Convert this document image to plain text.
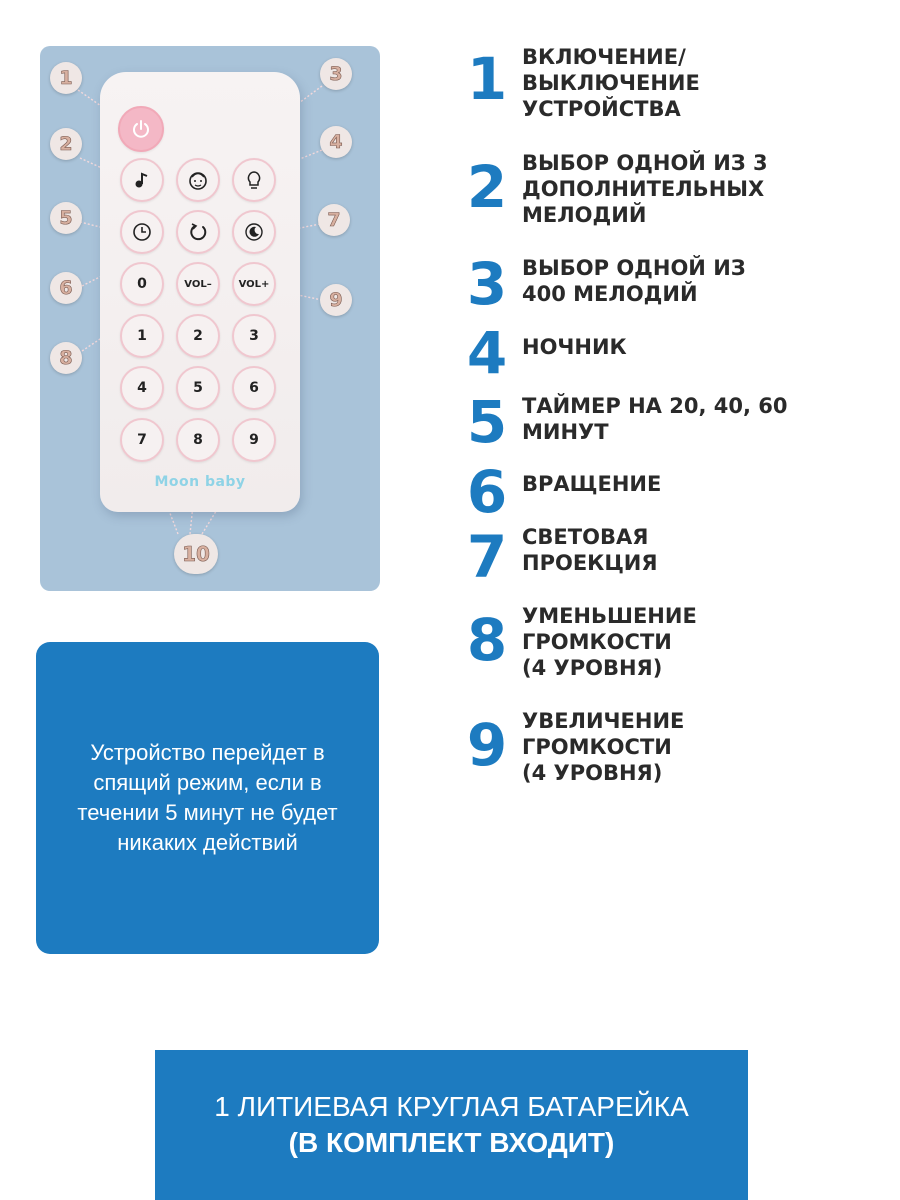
0	VOL–	VOL+
1	2	3
4	5	6
7	8	9
Moon baby
1
2
3
4
5
6
7
8
9
10
1 ВКЛЮЧЕНИЕ/
ВЫКЛЮЧЕНИЕ
УСТРОЙСТВА
2 ВЫБОР ОДНОЙ ИЗ 3
ДОПОЛНИТЕЛЬНЫХ
МЕЛОДИЙ
3 ВЫБОР ОДНОЙ ИЗ
400 МЕЛОДИЙ
4 НОЧНИК
5 ТАЙМЕР НА 20, 40, 60
МИНУТ
6 ВРАЩЕНИЕ
7 СВЕТОВАЯ
ПРОЕКЦИЯ
8 УМЕНЬШЕНИЕ
ГРОМКОСТИ
(4 УРОВНЯ)
9 УВЕЛИЧЕНИЕ
ГРОМКОСТИ
(4 УРОВНЯ)

Устройство перейдет в
спящий режим, если в
течении 5 минут не будет
никаких действий

1 ЛИТИЕВАЯ КРУГЛАЯ БАТАРЕЙКА
(В КОМПЛЕКТ ВХОДИТ)
